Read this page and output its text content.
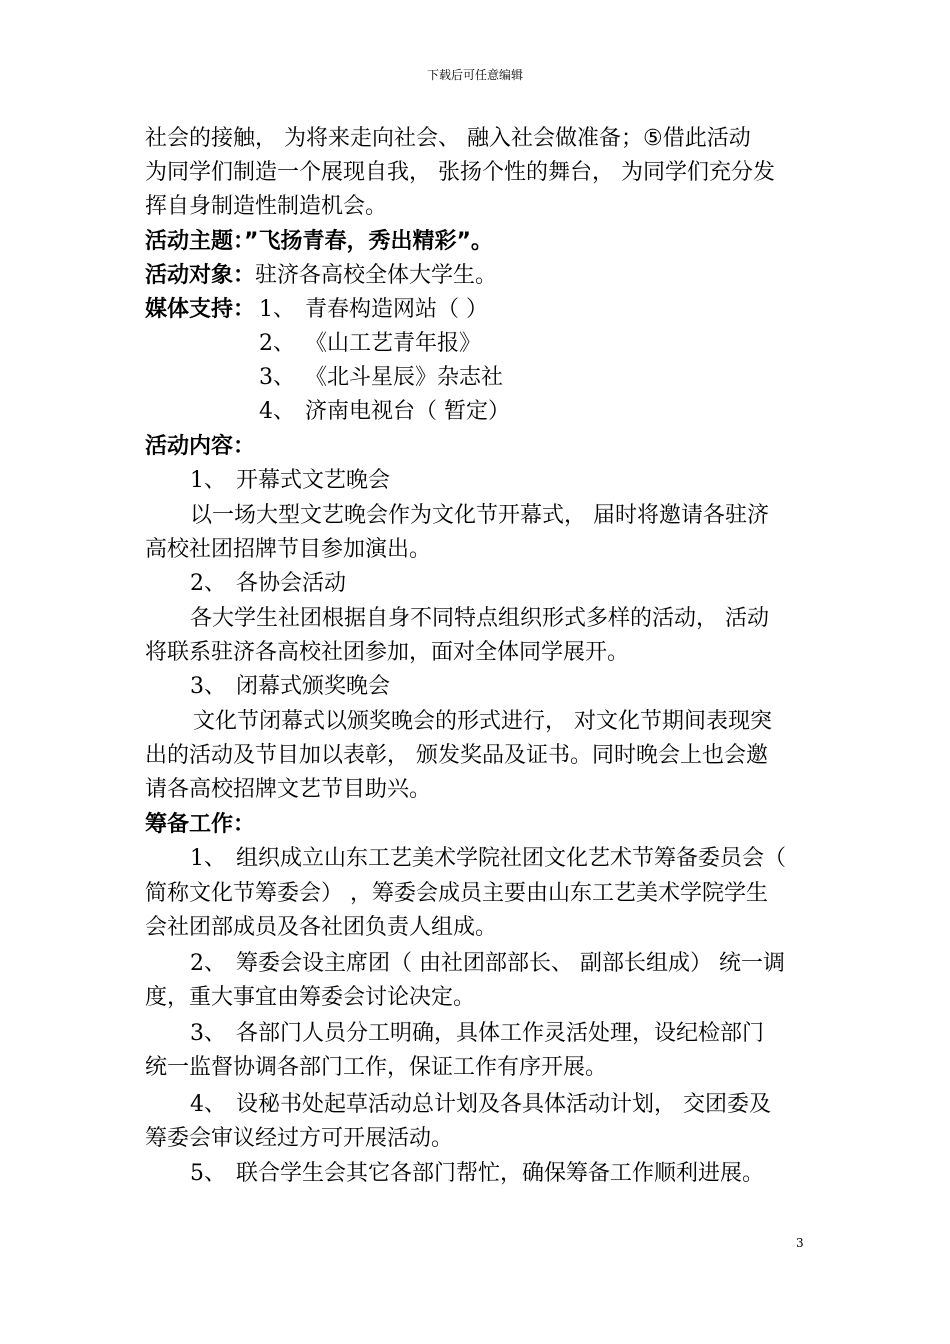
下载后可任意编辑
社会的接触， 为将来走向社会、 融入社会做准备；⑤借此活动
为同学们制造一个展现自我， 张扬个性的舞台， 为同学们充分发
挥自身制造性制造机会。
活动主题：”飞扬青春，秀出精彩”。
活动对象：驻济各高校全体大学生。
媒体支持： 1、 青春构造网站（ ）
2、 《山工艺青年报》
3、 《北斗星辰》杂志社
4、 济南电视台（ 暂定）
活动内容：
1、 开幕式文艺晚会
以一场大型文艺晚会作为文化节开幕式， 届时将邀请各驻济
高校社团招牌节目参加演出。
2、 各协会活动
各大学生社团根据自身不同特点组织形式多样的活动， 活动
将联系驻济各高校社团参加，面对全体同学展开。
3、 闭幕式颁奖晚会
文化节闭幕式以颁奖晚会的形式进行， 对文化节期间表现突
出的活动及节目加以表彰， 颁发奖品及证书。同时晚会上也会邀
请各高校招牌文艺节目助兴。
筹备工作：
1、 组织成立山东工艺美术学院社团文化艺术节筹备委员会（
简称文化节筹委会） ，筹委会成员主要由山东工艺美术学院学生
会社团部成员及各社团负责人组成。
2、 筹委会设主席团（ 由社团部部长、 副部长组成） 统一调
度，重大事宜由筹委会讨论决定。
3、 各部门人员分工明确，具体工作灵活处理，设纪检部门
统一监督协调各部门工作，保证工作有序开展。
4、 设秘书处起草活动总计划及各具体活动计划， 交团委及
筹委会审议经过方可开展活动。
5、 联合学生会其它各部门帮忙，确保筹备工作顺利进展。
3
